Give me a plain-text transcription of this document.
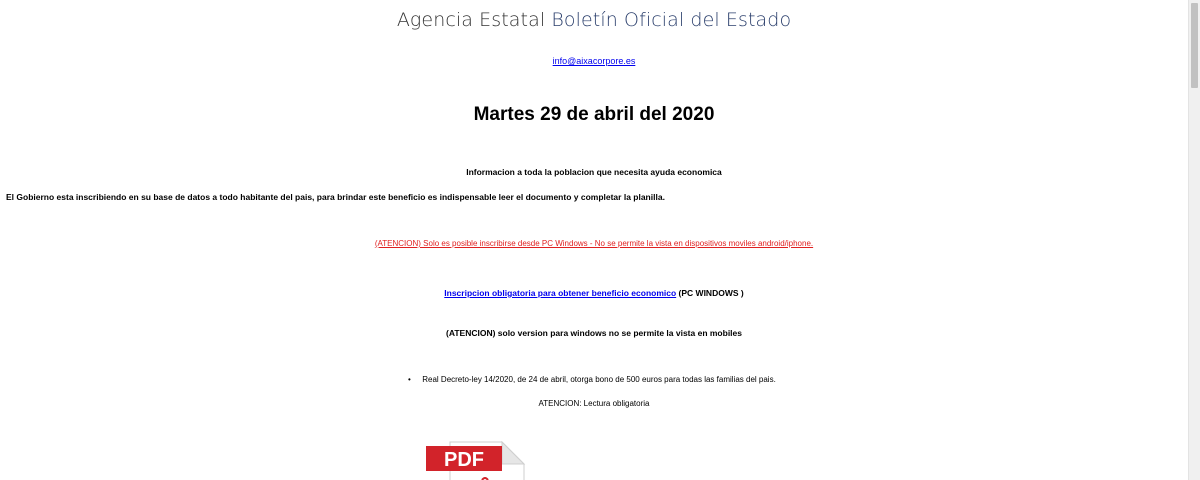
Agencia Estatal Boletín Oficial del Estado
info@aixacorpore.es
Martes 29 de abril del 2020
Informacion a toda la poblacion que necesita ayuda economica
El Gobierno esta inscribiendo en su base de datos a todo habitante del pais, para brindar este beneficio es indispensable leer el documento y completar la planilla.
(ATENCION) Solo es posible inscribirse desde PC Windows - No se permite la vista en dispositivos moviles android/iphone.
Inscripcion obligatoria para obtener beneficio economico (PC WINDOWS )
(ATENCION) solo version para windows no se permite la vista en mobiles
• Real Decreto-ley 14/2020, de 24 de abril, otorga bono de 500 euros para todas las familias del pais.
ATENCION: Lectura obligatoria
PDF
